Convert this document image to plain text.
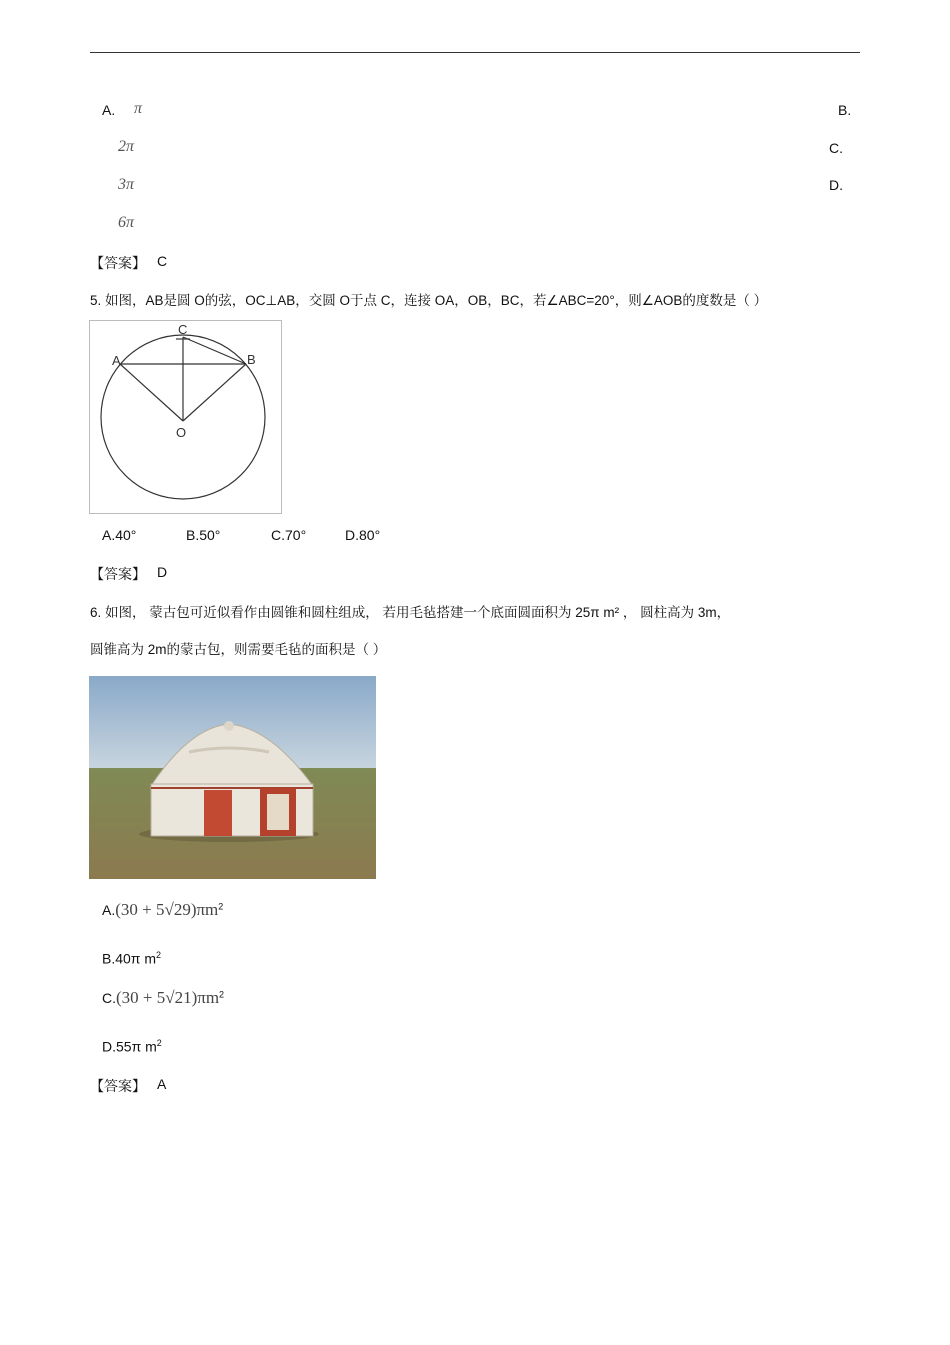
A. π	B.
2π	C.
3π	D.
6π
【答案】 C
5. 如图，AB是圆 O的弦，OC⊥AB，交圆 O于点 C，连接 OA，OB，BC，若∠ABC=20°，则∠AOB的度数是（ ）
C
A	B
O
A.40°	B.50°	C.70°	D.80°
【答案】 D
6. 如图， 蒙古包可近似看作由圆锥和圆柱组成， 若用毛毡搭建一个底面圆面积为 25π m² ， 圆柱高为 3m，
圆锥高为 2m的蒙古包，则需要毛毡的面积是（ ）
$A.(30 + 5√29)\pi m^2$
B.40π $m^2$
$C.(30 + 5√21)\pi m^2$
D.55π $m^2$
【答案】 A
